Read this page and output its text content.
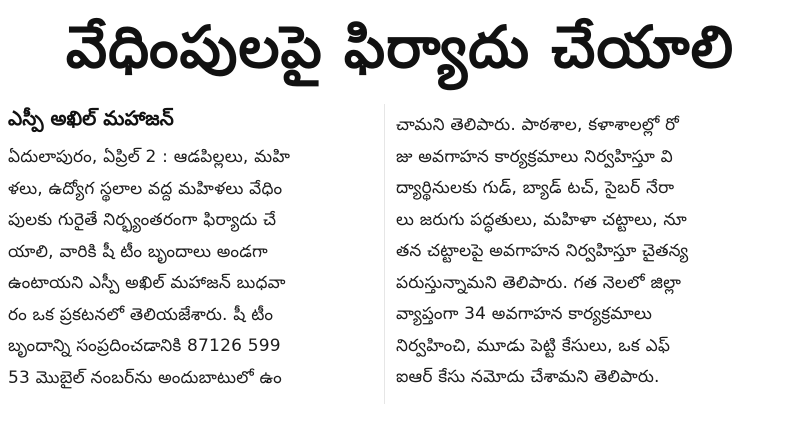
వేధింపులపై ఫిర్యాదు చేయాలి
ఎస్పీ అఖిల్ మహాజన్
ఏదులాపురం, ఏప్రిల్ 2 : ఆడపిల్లలు, మహి
ళలు, ఉద్యోగ స్థలాల వద్ద మహిళలు వేధిం
పులకు గురైతే నిర్భ్యంతరంగా ఫిర్యాదు చే
యాలి, వారికి షీ టీం బృందాలు అండగా
ఉంటాయని ఎస్పీ అఖిల్ మహాజన్ బుధవా
రం ఒక ప్రకటనలో తెలియజేశారు. షీ టీం
బృందాన్ని సంప్రదించడానికి 87126 599
53 మొబైల్ నంబర్‌ను అందుబాటులో ఉం
చామని తెలిపారు. పాఠశాల, కళాశాలల్లో రో
జు అవగాహన కార్యక్రమాలు నిర్వహిస్తూ వి
ద్యార్థినులకు గుడ్, బ్యాడ్ టచ్, సైబర్ నేరా
లు జరుగు పద్ధతులు, మహిళా చట్టాలు, నూ
తన చట్టాలపై అవగాహన నిర్వహిస్తూ చైతన్య
పరుస్తున్నామని తెలిపారు. గత నెలలో జిల్లా
వ్యాప్తంగా 34 అవగాహన కార్యక్రమాలు
నిర్వహించి, మూడు పెట్టి కేసులు, ఒక ఎఫ్
ఐఆర్ కేసు నమోదు చేశామని తెలిపారు.
